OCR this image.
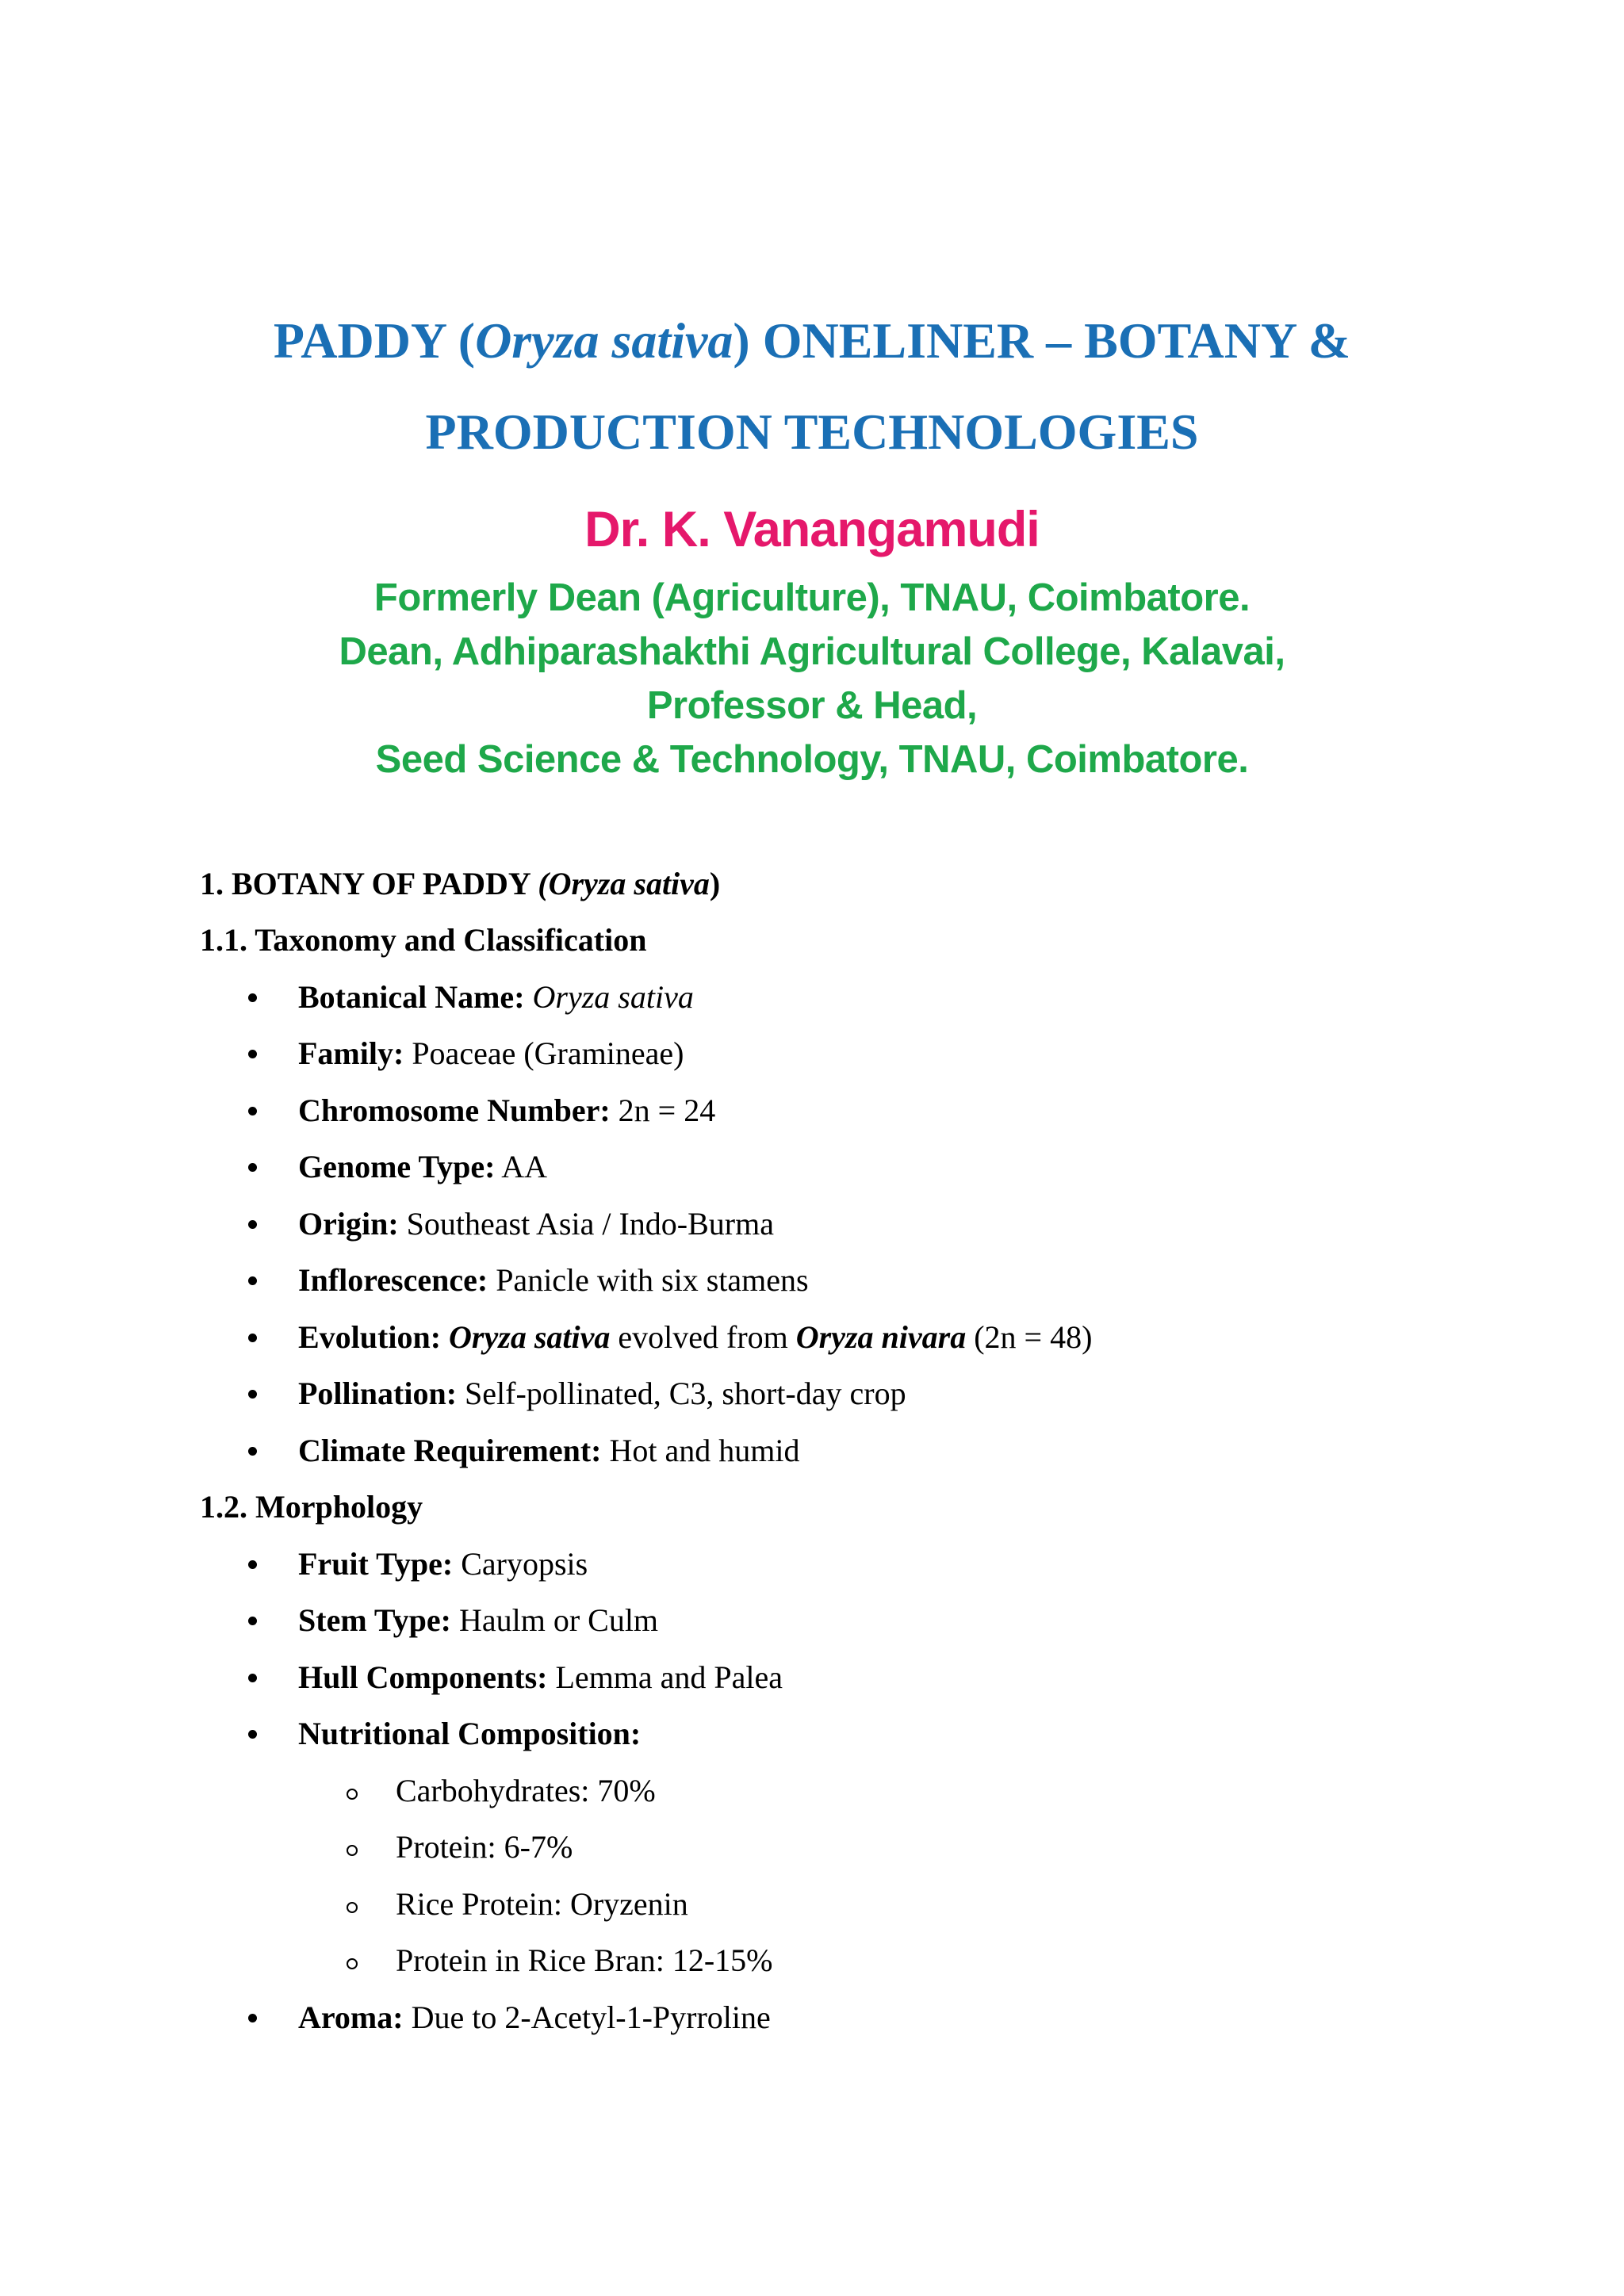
PADDY (Oryza sativa) ONELINER – BOTANY &
PRODUCTION TECHNOLOGIES
Dr. K. Vanangamudi
Formerly Dean (Agriculture), TNAU, Coimbatore.
Dean, Adhiparashakthi Agricultural College, Kalavai,
Professor & Head,
Seed Science & Technology, TNAU, Coimbatore.
1. BOTANY OF PADDY (Oryza sativa)
1.1. Taxonomy and Classification
Botanical Name: Oryza sativa
Family: Poaceae (Gramineae)
Chromosome Number: 2n = 24
Genome Type: AA
Origin: Southeast Asia / Indo-Burma
Inflorescence: Panicle with six stamens
Evolution: Oryza sativa evolved from Oryza nivara (2n = 48)
Pollination: Self-pollinated, C3, short-day crop
Climate Requirement: Hot and humid
1.2. Morphology
Fruit Type: Caryopsis
Stem Type: Haulm or Culm
Hull Components: Lemma and Palea
Nutritional Composition:
Carbohydrates: 70%
Protein: 6-7%
Rice Protein: Oryzenin
Protein in Rice Bran: 12-15%
Aroma: Due to 2-Acetyl-1-Pyrroline
